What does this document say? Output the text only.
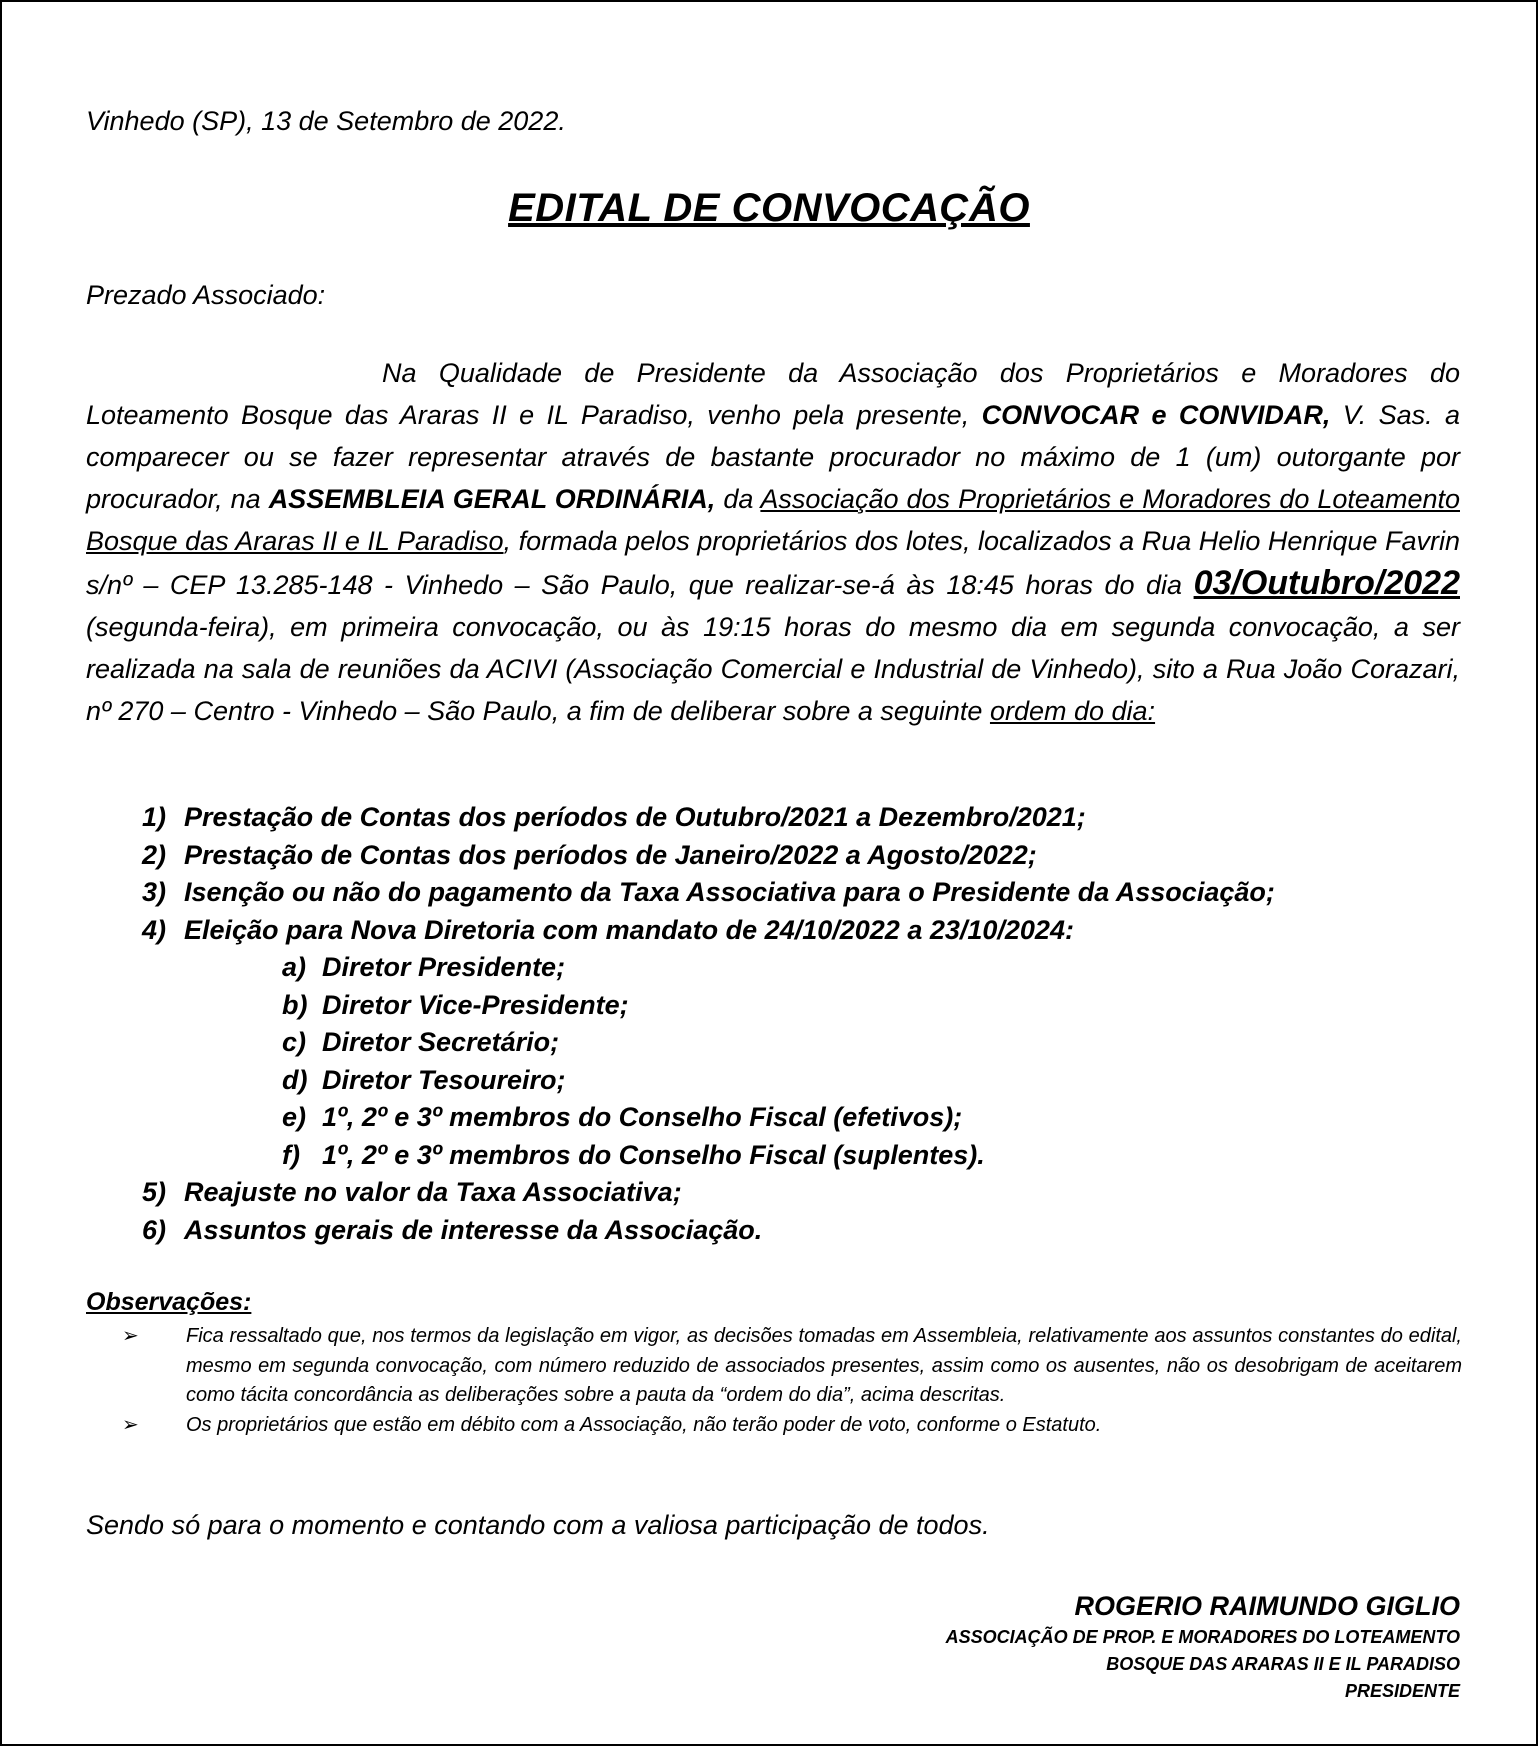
Vinhedo (SP), 13 de Setembro de 2022.
EDITAL DE CONVOCAÇÃO
Prezado Associado:
Na Qualidade de Presidente da Associação dos Proprietários e Moradores do Loteamento Bosque das Araras II e IL Paradiso, venho pela presente, CONVOCAR e CONVIDAR, V. Sas. a comparecer ou se fazer representar através de bastante procurador no máximo de 1 (um) outorgante por procurador, na ASSEMBLEIA GERAL ORDINÁRIA, da Associação dos Proprietários e Moradores do Loteamento Bosque das Araras II e IL Paradiso, formada pelos proprietários dos lotes, localizados a Rua Helio Henrique Favrin s/nº – CEP 13.285-148 - Vinhedo – São Paulo, que realizar-se-á às 18:45 horas do dia 03/Outubro/2022 (segunda-feira), em primeira convocação, ou às 19:15 horas do mesmo dia em segunda convocação, a ser realizada na sala de reuniões da ACIVI (Associação Comercial e Industrial de Vinhedo), sito a Rua João Corazari, nº 270 – Centro - Vinhedo – São Paulo, a fim de deliberar sobre a seguinte ordem do dia:
1) Prestação de Contas dos períodos de Outubro/2021 a Dezembro/2021;
2) Prestação de Contas dos períodos de Janeiro/2022 a Agosto/2022;
3) Isenção ou não do pagamento da Taxa Associativa para o Presidente da Associação;
4) Eleição para Nova Diretoria com mandato de 24/10/2022 a 23/10/2024:
a) Diretor Presidente;
b) Diretor Vice-Presidente;
c) Diretor Secretário;
d) Diretor Tesoureiro;
e) 1º, 2º e 3º membros do Conselho Fiscal (efetivos);
f) 1º, 2º e 3º membros do Conselho Fiscal (suplentes).
5) Reajuste no valor da Taxa Associativa;
6) Assuntos gerais de interesse da Associação.
Observações:
➢ Fica ressaltado que, nos termos da legislação em vigor, as decisões tomadas em Assembleia, relativamente aos assuntos constantes do edital, mesmo em segunda convocação, com número reduzido de associados presentes, assim como os ausentes, não os desobrigam de aceitarem como tácita concordância as deliberações sobre a pauta da “ordem do dia”, acima descritas.
➢ Os proprietários que estão em débito com a Associação, não terão poder de voto, conforme o Estatuto.
Sendo só para o momento e contando com a valiosa participação de todos.
ROGERIO RAIMUNDO GIGLIO
ASSOCIAÇÃO DE PROP. E MORADORES DO LOTEAMENTO
BOSQUE DAS ARARAS II E IL PARADISO
PRESIDENTE
